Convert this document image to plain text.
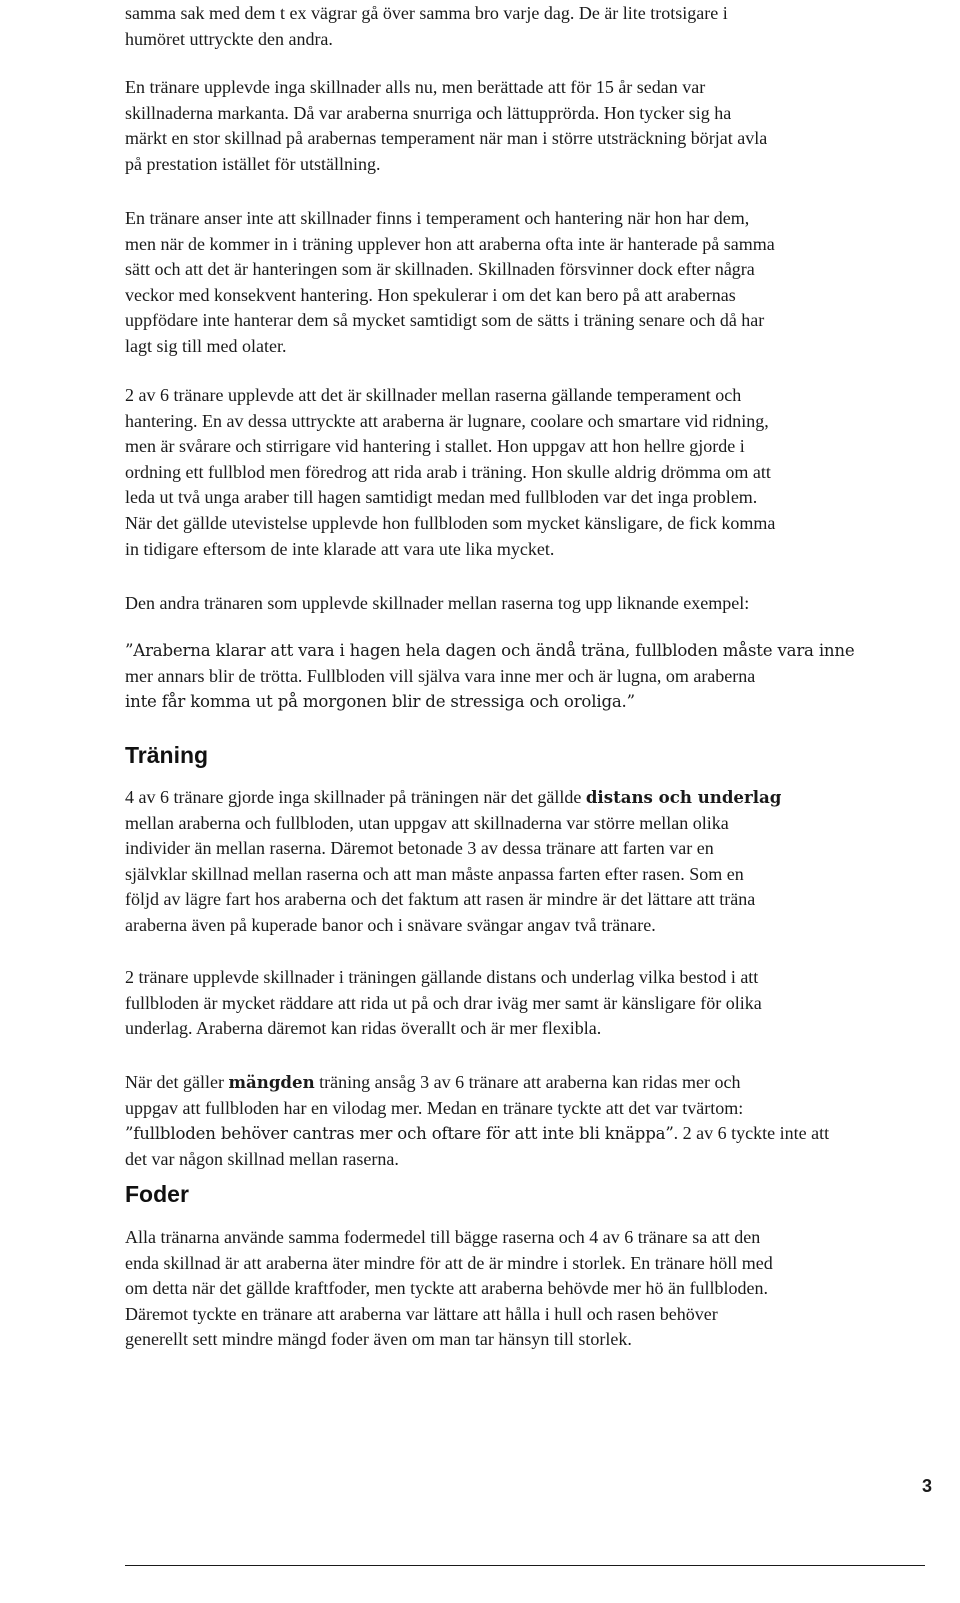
samma sak med dem t ex vägrar gå över samma bro varje dag. De är lite trotsigare i
humöret uttryckte den andra.

En tränare upplevde inga skillnader alls nu, men berättade att för 15 år sedan var
skillnaderna markanta. Då var araberna snurriga och lättupprörda. Hon tycker sig ha
märkt en stor skillnad på arabernas temperament när man i större utsträckning börjat avla
på prestation istället för utställning.

En tränare anser inte att skillnader finns i temperament och hantering när hon har dem,
men när de kommer in i träning upplever hon att araberna ofta inte är hanterade på samma
sätt och att det är hanteringen som är skillnaden. Skillnaden försvinner dock efter några
veckor med konsekvent hantering. Hon spekulerar i om det kan bero på att arabernas
uppfödare inte hanterar dem så mycket samtidigt som de sätts i träning senare och då har
lagt sig till med olater.

2 av 6 tränare upplevde att det är skillnader mellan raserna gällande temperament och
hantering. En av dessa uttryckte att araberna är lugnare, coolare och smartare vid ridning,
men är svårare och stirrigare vid hantering i stallet. Hon uppgav att hon hellre gjorde i
ordning ett fullblod men föredrog att rida arab i träning. Hon skulle aldrig drömma om att
leda ut två unga araber till hagen samtidigt medan med fullbloden var det inga problem.
När det gällde utevistelse upplevde hon fullbloden som mycket känsligare, de fick komma
in tidigare eftersom de inte klarade att vara ute lika mycket.

Den andra tränaren som upplevde skillnader mellan raserna tog upp liknande exempel:

”Araberna klarar att vara i hagen hela dagen och ändå träna, fullbloden måste vara inne
mer annars blir de trötta. Fullbloden vill själva vara inne mer och är lugna, om araberna
inte får komma ut på morgonen blir de stressiga och oroliga.”

Träning

4 av 6 tränare gjorde inga skillnader på träningen när det gällde distans och underlag
mellan araberna och fullbloden, utan uppgav att skillnaderna var större mellan olika
individer än mellan raserna. Däremot betonade 3 av dessa tränare att farten var en
självklar skillnad mellan raserna och att man måste anpassa farten efter rasen. Som en
följd av lägre fart hos araberna och det faktum att rasen är mindre är det lättare att träna
araberna även på kuperade banor och i snävare svängar angav två tränare.

2 tränare upplevde skillnader i träningen gällande distans och underlag vilka bestod i att
fullbloden är mycket räddare att rida ut på och drar iväg mer samt är känsligare för olika
underlag. Araberna däremot kan ridas överallt och är mer flexibla.

När det gäller mängden träning ansåg 3 av 6 tränare att araberna kan ridas mer och
uppgav att fullbloden har en vilodag mer. Medan en tränare tyckte att det var tvärtom:
”fullbloden behöver cantras mer och oftare för att inte bli knäppa”. 2 av 6 tyckte inte att
det var någon skillnad mellan raserna.

Foder

Alla tränarna använde samma fodermedel till bägge raserna och 4 av 6 tränare sa att den
enda skillnad är att araberna äter mindre för att de är mindre i storlek. En tränare höll med
om detta när det gällde kraftfoder, men tyckte att araberna behövde mer hö än fullbloden.
Däremot tyckte en tränare att araberna var lättare att hålla i hull och rasen behöver
generellt sett mindre mängd foder även om man tar hänsyn till storlek.

3
